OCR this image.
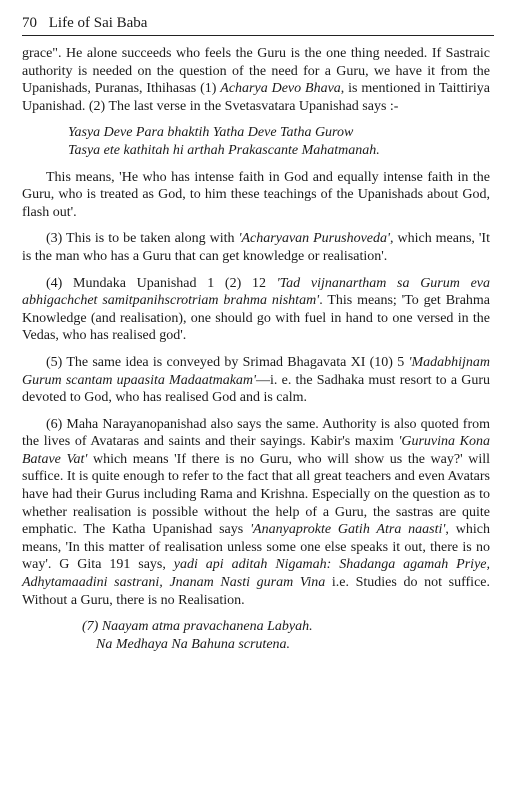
70 Life of Sai Baba

grace". He alone succeeds who feels the Guru is the one thing needed. If Sastraic authority is needed on the question of the need for a Guru, we have it from the Upanishads, Puranas, Ithihasas (1) Acharya Devo Bhava, is mentioned in Taittiriya Upanishad. (2) The last verse in the Svetasvatara Upanishad says :-

Yasya Deve Para bhaktih Yatha Deve Tatha Gurow
Tasya ete kathitah hi arthah Prakascante Mahatmanah.

This means, 'He who has intense faith in God and equally intense faith in the Guru, who is treated as God, to him these teachings of the Upanishads about God, flash out'.

(3) This is to be taken along with 'Acharyavan Purushoveda', which means, 'It is the man who has a Guru that can get knowledge or realisation'.

(4) Mundaka Upanishad 1 (2) 12 'Tad vijnanartham sa Gurum eva abhigachchet samitpanihscrotriam brahma nishtam'. This means; 'To get Brahma Knowledge (and realisation), one should go with fuel in hand to one versed in the Vedas, who has realised god'.

(5) The same idea is conveyed by Srimad Bhagavata XI (10) 5 'Madabhijnam Gurum scantam upaasita Madaatmakam'—i. e. the Sadhaka must resort to a Guru devoted to God, who has realised God and is calm.

(6) Maha Narayanopanishad also says the same. Authority is also quoted from the lives of Avataras and saints and their sayings. Kabir's maxim 'Guruvina Kona Batave Vat' which means 'If there is no Guru, who will show us the way?' will suffice. It is quite enough to refer to the fact that all great teachers and even Avatars have had their Gurus including Rama and Krishna. Especially on the question as to whether realisation is possible without the help of a Guru, the sastras are quite emphatic. The Katha Upanishad says 'Ananyaprokte Gatih Atra naasti', which means, 'In this matter of realisation unless some one else speaks it out, there is no way'. G Gita 191 says, yadi api aditah Nigamah: Shadanga agamah Priye, Adhytamaadini sastrani, Jnanam Nasti guram Vina i.e. Studies do not suffice. Without a Guru, there is no Realisation.

(7) Naayam atma pravachanena Labyah.
Na Medhaya Na Bahuna scrutena.
